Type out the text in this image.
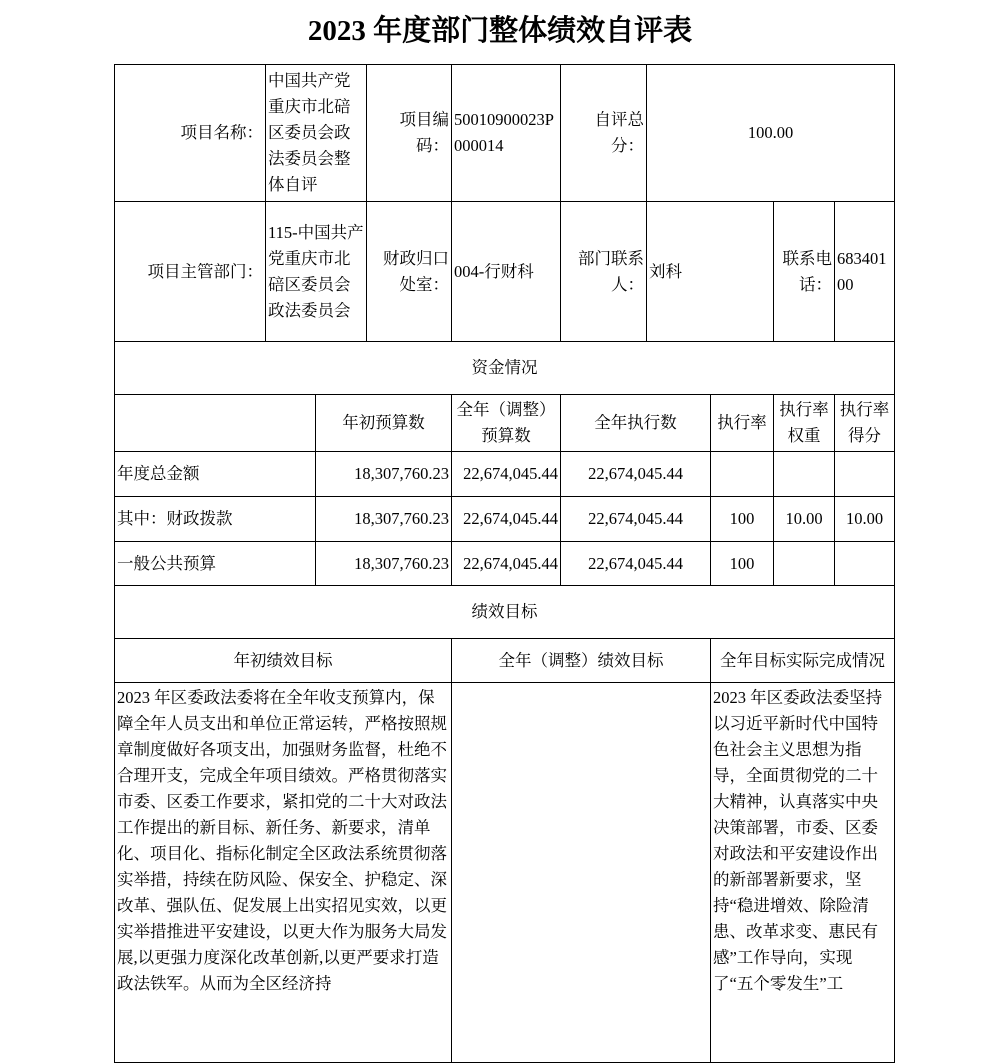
2023 年度部门整体绩效自评表
项目名称：	中国共产党重庆市北碚区委员会政法委员会整体自评		项目编码：	50010900023P000014	自评总分：	100.00			
项目主管部门：	115-中国共产党重庆市北碚区委员会政法委员会		财政归口处室：	004-行财科	部门联系人：	刘科		联系电话：	68340100
资金情况									
		年初预算数		全年（调整）预算数	全年执行数		执行率	执行率权重	执行率得分
年度总金额		18,307,760.23		22,674,045.44	22,674,045.44				
其中：财政拨款		18,307,760.23		22,674,045.44	22,674,045.44		100	10.00	10.00
一般公共预算		18,307,760.23		22,674,045.44	22,674,045.44		100		
绩效目标									
年初绩效目标				全年（调整）绩效目标			全年目标实际完成情况		
2023 年区委政法委将在全年收支预算内，保障全年人员支出和单位正常运转，严格按照规章制度做好各项支出，加强财务监督，杜绝不合理开支，完成全年项目绩效。严格贯彻落实市委、区委工作要求，紧扣党的二十大对政法工作提出的新目标、新任务、新要求，清单化、项目化、指标化制定全区政法系统贯彻落实举措，持续在防风险、保安全、护稳定、深改革、强队伍、促发展上出实招见实效，以更实举措推进平安建设，以更大作为服务大局发展,以更强力度深化改革创新,以更严要求打造政法铁军。从而为全区经济持							2023 年区委政法委坚持以习近平新时代中国特色社会主义思想为指导，全面贯彻党的二十大精神，认真落实中央决策部署，市委、区委对政法和平安建设作出的新部署新要求，坚持“稳进增效、除险清患、改革求变、惠民有感”工作导向，实现了“五个零发生”工		
